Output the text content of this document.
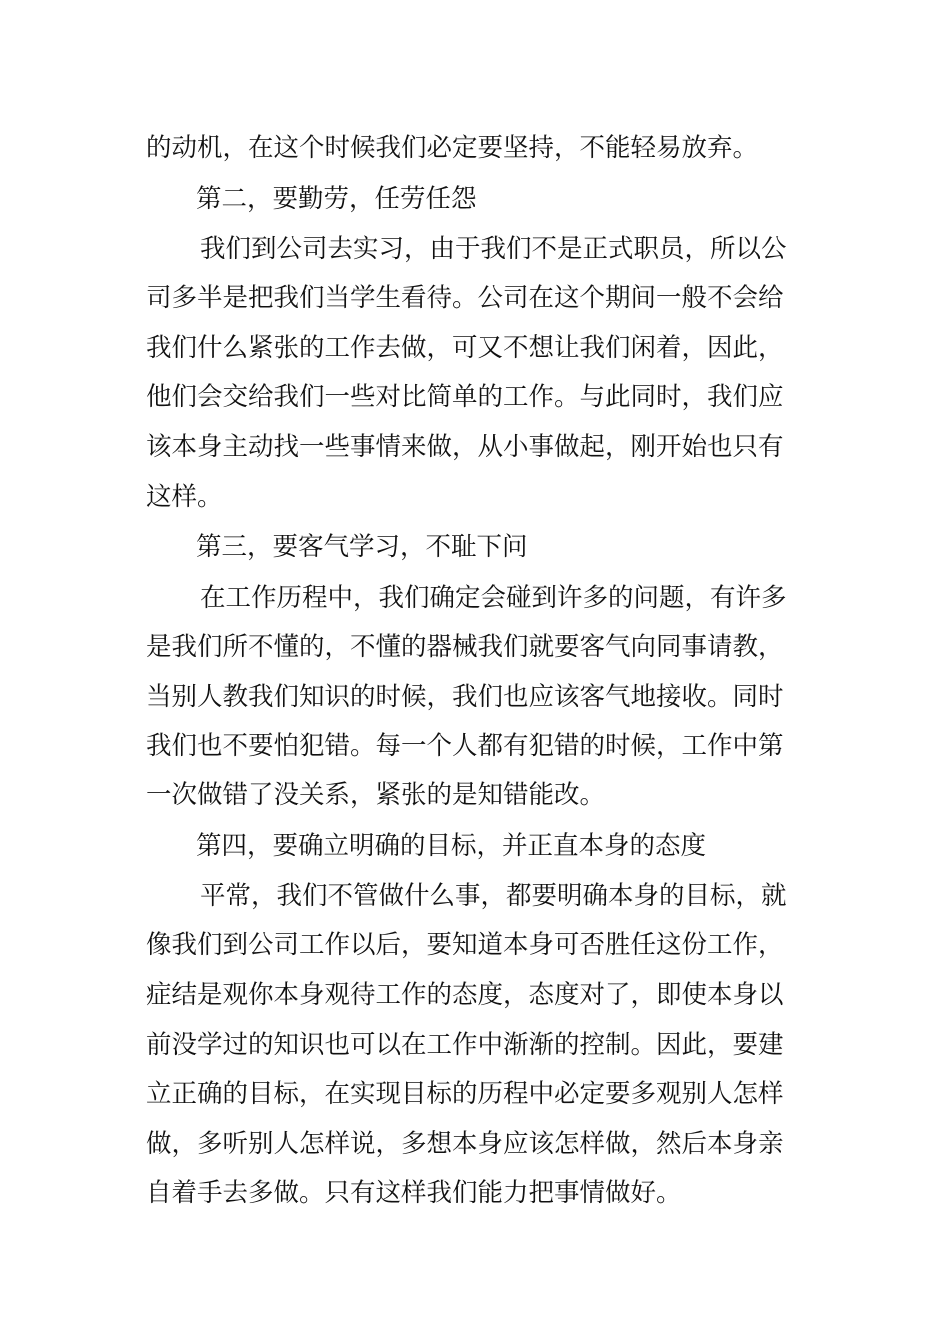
的动机，在这个时候我们必定要坚持，不能轻易放弃。
第二，要勤劳，任劳任怨
我们到公司去实习，由于我们不是正式职员，所以公
司多半是把我们当学生看待。公司在这个期间一般不会给
我们什么紧张的工作去做，可又不想让我们闲着，因此，
他们会交给我们一些对比简单的工作。与此同时，我们应
该本身主动找一些事情来做，从小事做起，刚开始也只有
这样。
第三，要客气学习，不耻下问
在工作历程中，我们确定会碰到许多的问题，有许多
是我们所不懂的，不懂的器械我们就要客气向同事请教，
当别人教我们知识的时候，我们也应该客气地接收。同时
我们也不要怕犯错。每一个人都有犯错的时候，工作中第
一次做错了没关系，紧张的是知错能改。
第四，要确立明确的目标，并正直本身的态度
平常，我们不管做什么事，都要明确本身的目标，就
像我们到公司工作以后，要知道本身可否胜任这份工作，
症结是观你本身观待工作的态度，态度对了，即使本身以
前没学过的知识也可以在工作中渐渐的控制。因此，要建
立正确的目标，在实现目标的历程中必定要多观别人怎样
做，多听别人怎样说，多想本身应该怎样做，然后本身亲
自着手去多做。只有这样我们能力把事情做好。
